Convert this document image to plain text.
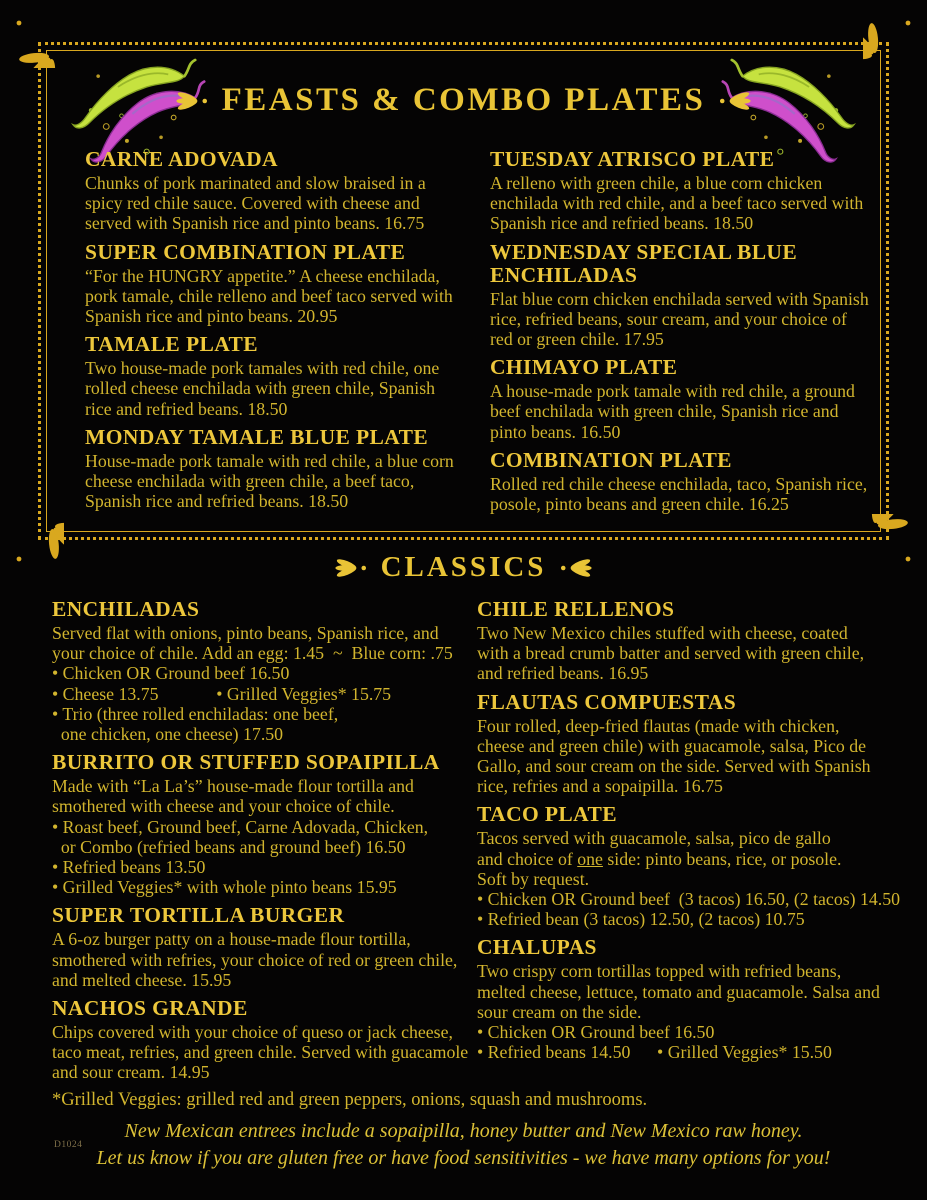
FEASTS & COMBO PLATES
CARNE ADOVADA
Chunks of pork marinated and slow braised in a
spicy red chile sauce. Covered with cheese and
served with Spanish rice and pinto beans. 16.75
SUPER COMBINATION PLATE
“For the HUNGRY appetite.” A cheese enchilada,
pork tamale, chile relleno and beef taco served with
Spanish rice and pinto beans. 20.95
TAMALE PLATE
Two house-made pork tamales with red chile, one
rolled cheese enchilada with green chile, Spanish
rice and refried beans. 18.50
MONDAY TAMALE BLUE PLATE
House-made pork tamale with red chile, a blue corn
cheese enchilada with green chile, a beef taco,
Spanish rice and refried beans. 18.50
TUESDAY ATRISCO PLATE
A relleno with green chile, a blue corn chicken
enchilada with red chile, and a beef taco served with
Spanish rice and refried beans. 18.50
WEDNESDAY SPECIAL BLUE ENCHILADAS
Flat blue corn chicken enchilada served with Spanish
rice, refried beans, sour cream, and your choice of
red or green chile. 17.95
CHIMAYO PLATE
A house-made pork tamale with red chile, a ground
beef enchilada with green chile, Spanish rice and
pinto beans. 16.50
COMBINATION PLATE
Rolled red chile cheese enchilada, taco, Spanish rice,
posole, pinto beans and green chile. 16.25
CLASSICS
ENCHILADAS
Served flat with onions, pinto beans, Spanish rice, and
your choice of chile. Add an egg: 1.45  ~  Blue corn: .75
• Chicken OR Ground beef 16.50
• Cheese 13.75             • Grilled Veggies* 15.75
• Trio (three rolled enchiladas: one beef,
one chicken, one cheese) 17.50
BURRITO OR STUFFED SOPAIPILLA
Made with “La La’s” house-made flour tortilla and
smothered with cheese and your choice of chile.
• Roast beef, Ground beef, Carne Adovada, Chicken,
or Combo (refried beans and ground beef) 16.50
• Refried beans 13.50
• Grilled Veggies* with whole pinto beans 15.95
SUPER TORTILLA BURGER
A 6-oz burger patty on a house-made flour tortilla,
smothered with refries, your choice of red or green chile,
and melted cheese. 15.95
NACHOS GRANDE
Chips covered with your choice of queso or jack cheese,
taco meat, refries, and green chile. Served with guacamole
and sour cream. 14.95
CHILE RELLENOS
Two New Mexico chiles stuffed with cheese, coated
with a bread crumb batter and served with green chile,
and refried beans. 16.95
FLAUTAS COMPUESTAS
Four rolled, deep-fried flautas (made with chicken,
cheese and green chile) with guacamole, salsa, Pico de
Gallo, and sour cream on the side. Served with Spanish
rice, refries and a sopaipilla. 16.75
TACO PLATE
Tacos served with guacamole, salsa, pico de gallo
and choice of one side: pinto beans, rice, or posole.
Soft by request.
• Chicken OR Ground beef  (3 tacos) 16.50, (2 tacos) 14.50
• Refried bean (3 tacos) 12.50, (2 tacos) 10.75
CHALUPAS
Two crispy corn tortillas topped with refried beans,
melted cheese, lettuce, tomato and guacamole. Salsa and
sour cream on the side.
• Chicken OR Ground beef 16.50
• Refried beans 14.50      • Grilled Veggies* 15.50
*Grilled Veggies: grilled red and green peppers, onions, squash and mushrooms.
New Mexican entrees include a sopaipilla, honey butter and New Mexico raw honey.
Let us know if you are gluten free or have food sensitivities - we have many options for you!
D1024
